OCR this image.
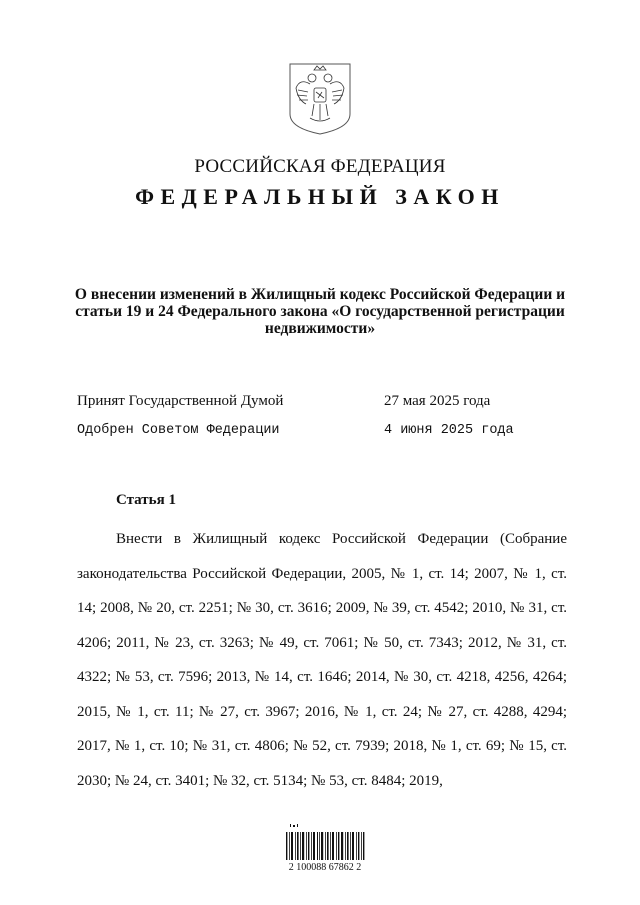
РОССИЙСКАЯ ФЕДЕРАЦИЯ
ФЕДЕРАЛЬНЫЙ ЗАКОН
О внесении изменений в Жилищный кодекс Российской Федерации и статьи 19 и 24 Федерального закона «О государственной регистрации недвижимости»
Принят Государственной Думой	27 мая 2025 года
Одобрен Советом Федерации	4 июня 2025 года
Статья 1
Внести в Жилищный кодекс Российской Федерации (Собрание законодательства Российской Федерации, 2005, № 1, ст. 14; 2007, № 1, ст. 14; 2008, № 20, ст. 2251; № 30, ст. 3616; 2009, № 39, ст. 4542; 2010, № 31, ст. 4206; 2011, № 23, ст. 3263; № 49, ст. 7061; № 50, ст. 7343; 2012, № 31, ст. 4322; № 53, ст. 7596; 2013, № 14, ст. 1646; 2014, № 30, ст. 4218, 4256, 4264; 2015, № 1, ст. 11; № 27, ст. 3967; 2016, № 1, ст. 24; № 27, ст. 4288, 4294; 2017, № 1, ст. 10; № 31, ст. 4806; № 52, ст. 7939; 2018, № 1, ст. 69; № 15, ст. 2030; № 24, ст. 3401; № 32, ст. 5134; № 53, ст. 8484; 2019,
2 100088 67862 2
